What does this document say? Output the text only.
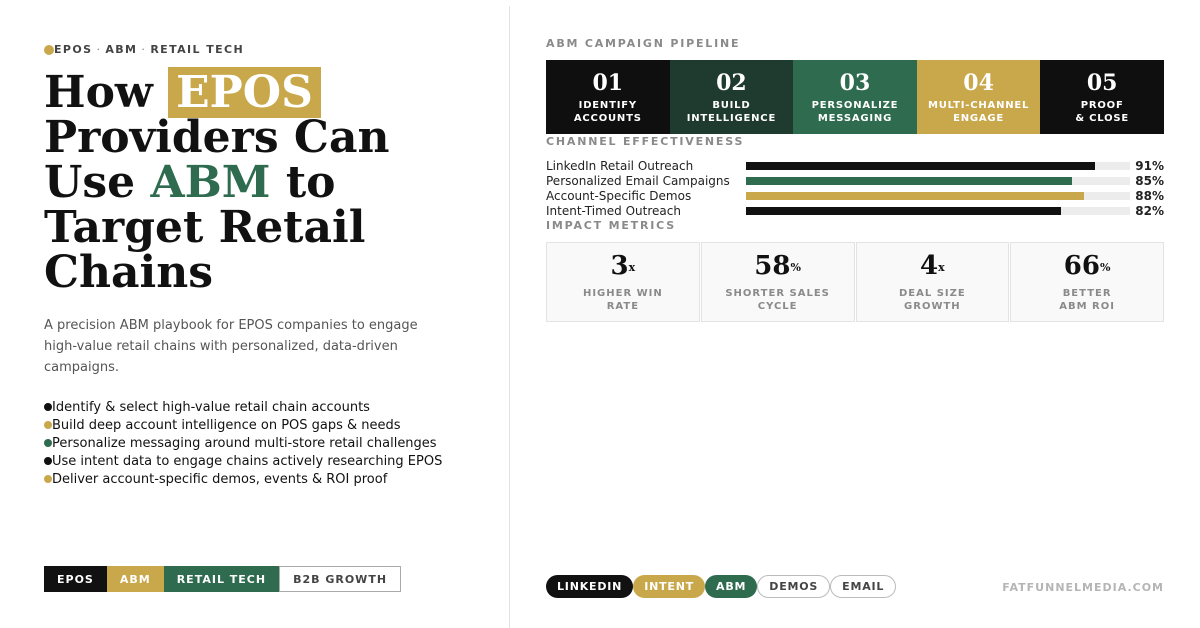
EPOS · ABM · RETAIL TECH
How EPOS Providers Can Use ABM to Target Retail Chains

A precision ABM playbook for EPOS companies to engage high-value retail chains with personalized, data-driven campaigns.

Identify & select high-value retail chain accounts
Build deep account intelligence on POS gaps & needs
Personalize messaging around multi-store retail challenges
Use intent data to engage chains actively researching EPOS
Deliver account-specific demos, events & ROI proof
EPOS	ABM	RETAIL TECH	B2B GROWTH
ABM CAMPAIGN PIPELINE
01
IDENTIFY
ACCOUNTS
02
BUILD
INTELLIGENCE
03
PERSONALIZE
MESSAGING
04
MULTI-CHANNEL
ENGAGE
05
PROOF
& CLOSE
CHANNEL EFFECTIVENESS
LinkedIn Retail Outreach	91%
Personalized Email Campaigns	85%
Account-Specific Demos	88%
Intent-Timed Outreach	82%
IMPACT METRICS
3$^x$
HIGHER WIN
RATE
58%
SHORTER SALES
CYCLE
4$^x$
DEAL SIZE
GROWTH
66%
BETTER
ABM ROI
LINKEDIN	INTENT	ABM	DEMOS	EMAIL	FATFUNNELMEDIA.COM
